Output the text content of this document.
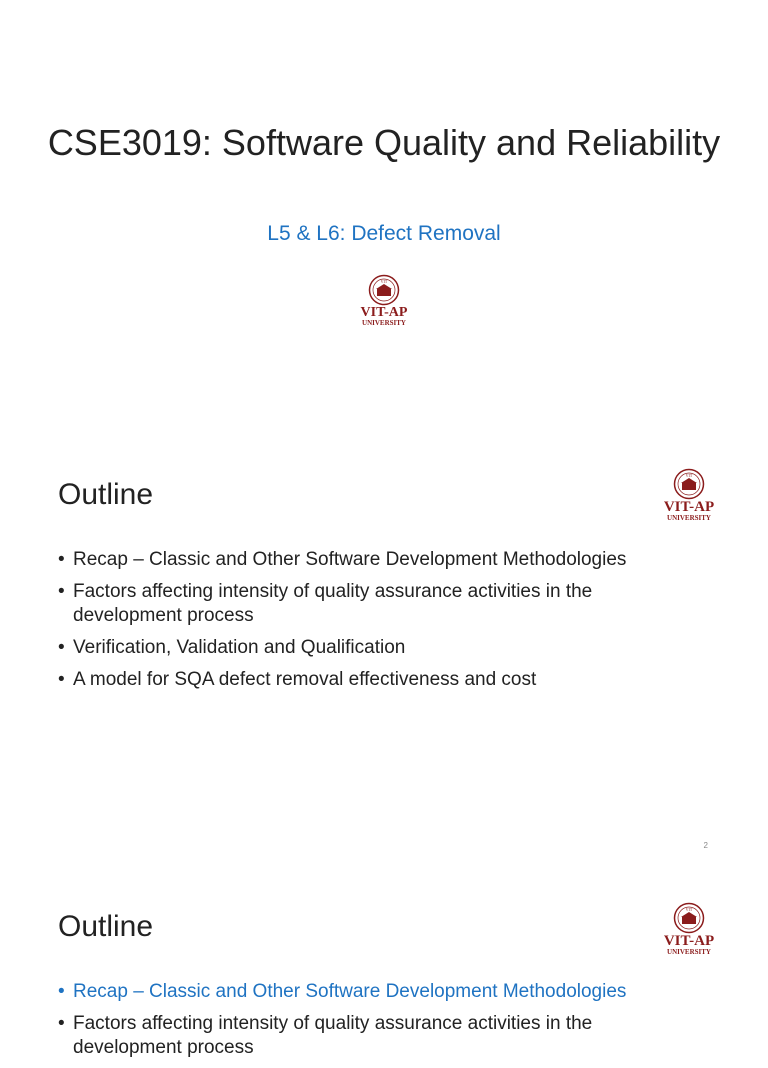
CSE3019: Software Quality and Reliability
L5 & L6: Defect Removal
VIT
VIT-AP
UNIVERSITY
Outline
VIT
VIT-AP
UNIVERSITY
• Recap – Classic and Other Software Development Methodologies
• Factors affecting intensity of quality assurance activities in the development process
• Verification, Validation and Qualification
• A model for SQA defect removal effectiveness and cost
2
Outline
VIT
VIT-AP
UNIVERSITY
• Recap – Classic and Other Software Development Methodologies
• Factors affecting intensity of quality assurance activities in the development process
